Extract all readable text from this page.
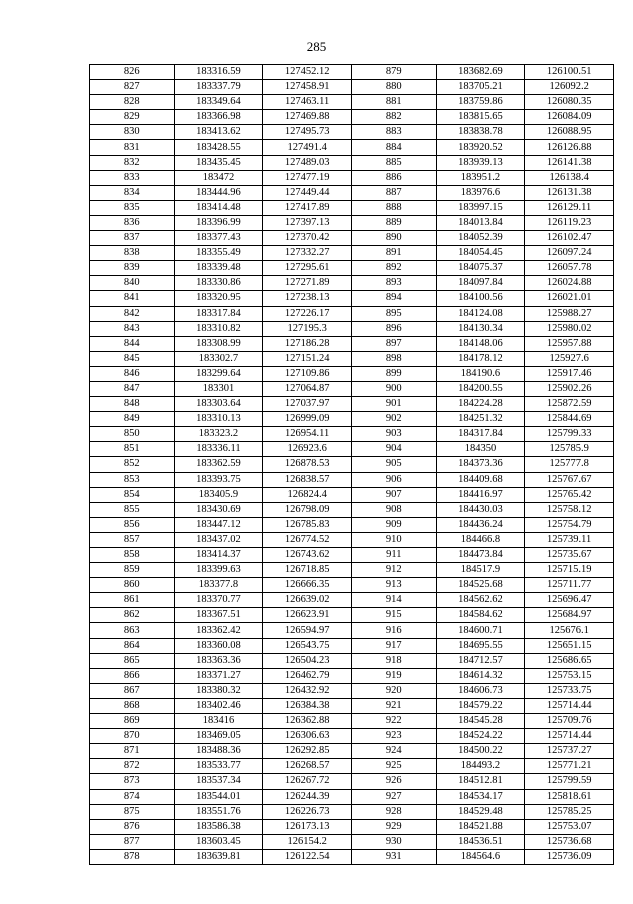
285
826	183316.59	127452.12	879	183682.69	126100.51
827	183337.79	127458.91	880	183705.21	126092.2
828	183349.64	127463.11	881	183759.86	126080.35
829	183366.98	127469.88	882	183815.65	126084.09
830	183413.62	127495.73	883	183838.78	126088.95
831	183428.55	127491.4	884	183920.52	126126.88
832	183435.45	127489.03	885	183939.13	126141.38
833	183472	127477.19	886	183951.2	126138.4
834	183444.96	127449.44	887	183976.6	126131.38
835	183414.48	127417.89	888	183997.15	126129.11
836	183396.99	127397.13	889	184013.84	126119.23
837	183377.43	127370.42	890	184052.39	126102.47
838	183355.49	127332.27	891	184054.45	126097.24
839	183339.48	127295.61	892	184075.37	126057.78
840	183330.86	127271.89	893	184097.84	126024.88
841	183320.95	127238.13	894	184100.56	126021.01
842	183317.84	127226.17	895	184124.08	125988.27
843	183310.82	127195.3	896	184130.34	125980.02
844	183308.99	127186.28	897	184148.06	125957.88
845	183302.7	127151.24	898	184178.12	125927.6
846	183299.64	127109.86	899	184190.6	125917.46
847	183301	127064.87	900	184200.55	125902.26
848	183303.64	127037.97	901	184224.28	125872.59
849	183310.13	126999.09	902	184251.32	125844.69
850	183323.2	126954.11	903	184317.84	125799.33
851	183336.11	126923.6	904	184350	125785.9
852	183362.59	126878.53	905	184373.36	125777.8
853	183393.75	126838.57	906	184409.68	125767.67
854	183405.9	126824.4	907	184416.97	125765.42
855	183430.69	126798.09	908	184430.03	125758.12
856	183447.12	126785.83	909	184436.24	125754.79
857	183437.02	126774.52	910	184466.8	125739.11
858	183414.37	126743.62	911	184473.84	125735.67
859	183399.63	126718.85	912	184517.9	125715.19
860	183377.8	126666.35	913	184525.68	125711.77
861	183370.77	126639.02	914	184562.62	125696.47
862	183367.51	126623.91	915	184584.62	125684.97
863	183362.42	126594.97	916	184600.71	125676.1
864	183360.08	126543.75	917	184695.55	125651.15
865	183363.36	126504.23	918	184712.57	125686.65
866	183371.27	126462.79	919	184614.32	125753.15
867	183380.32	126432.92	920	184606.73	125733.75
868	183402.46	126384.38	921	184579.22	125714.44
869	183416	126362.88	922	184545.28	125709.76
870	183469.05	126306.63	923	184524.22	125714.44
871	183488.36	126292.85	924	184500.22	125737.27
872	183533.77	126268.57	925	184493.2	125771.21
873	183537.34	126267.72	926	184512.81	125799.59
874	183544.01	126244.39	927	184534.17	125818.61
875	183551.76	126226.73	928	184529.48	125785.25
876	183586.38	126173.13	929	184521.88	125753.07
877	183603.45	126154.2	930	184536.51	125736.68
878	183639.81	126122.54	931	184564.6	125736.09
